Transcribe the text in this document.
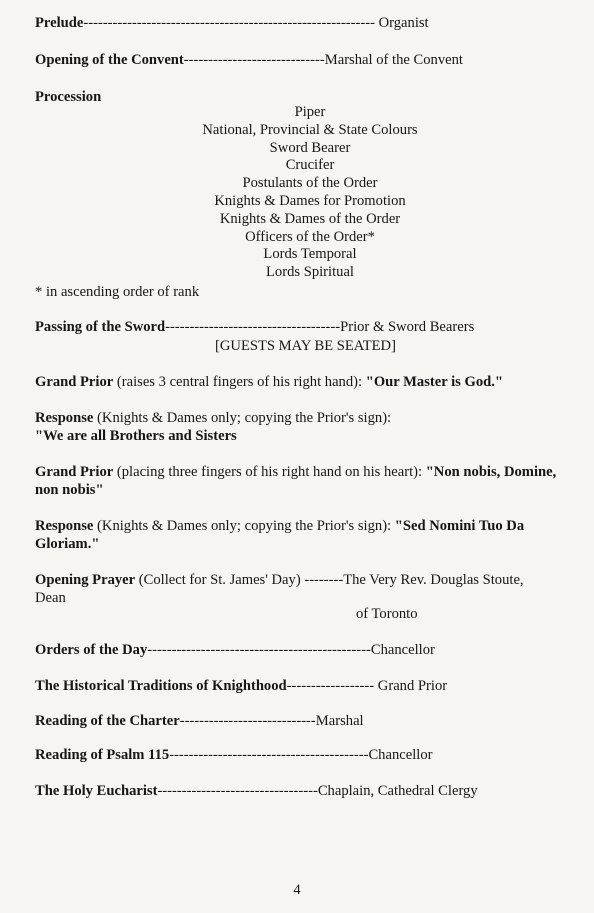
Prelude------------------------------------------------------------ Organist
Opening of the Convent-----------------------------Marshal of the Convent
Procession
Piper
National, Provincial & State Colours
Sword Bearer
Crucifer
Postulants of the Order
Knights & Dames for Promotion
Knights & Dames of the Order
Officers of the Order*
Lords Temporal
Lords Spiritual
* in ascending order of rank
Passing of the Sword------------------------------------Prior & Sword Bearers
[GUESTS MAY BE SEATED]
Grand Prior (raises 3 central fingers of his right hand): "Our Master is God."
Response (Knights & Dames only; copying the Prior's sign):
"We are all Brothers and Sisters
Grand Prior (placing three fingers of his right hand on his heart): "Non nobis, Domine, non nobis"
Response (Knights & Dames only; copying the Prior's sign): "Sed Nomini Tuo Da Gloriam."
Opening Prayer (Collect for St. James' Day) --------The Very Rev. Douglas Stoute,
Dean
of Toronto
Orders of the Day----------------------------------------------Chancellor
The Historical Traditions of Knighthood------------------ Grand Prior
Reading of the Charter----------------------------Marshal
Reading of Psalm 115-----------------------------------------Chancellor
The Holy Eucharist---------------------------------Chaplain, Cathedral Clergy
4
